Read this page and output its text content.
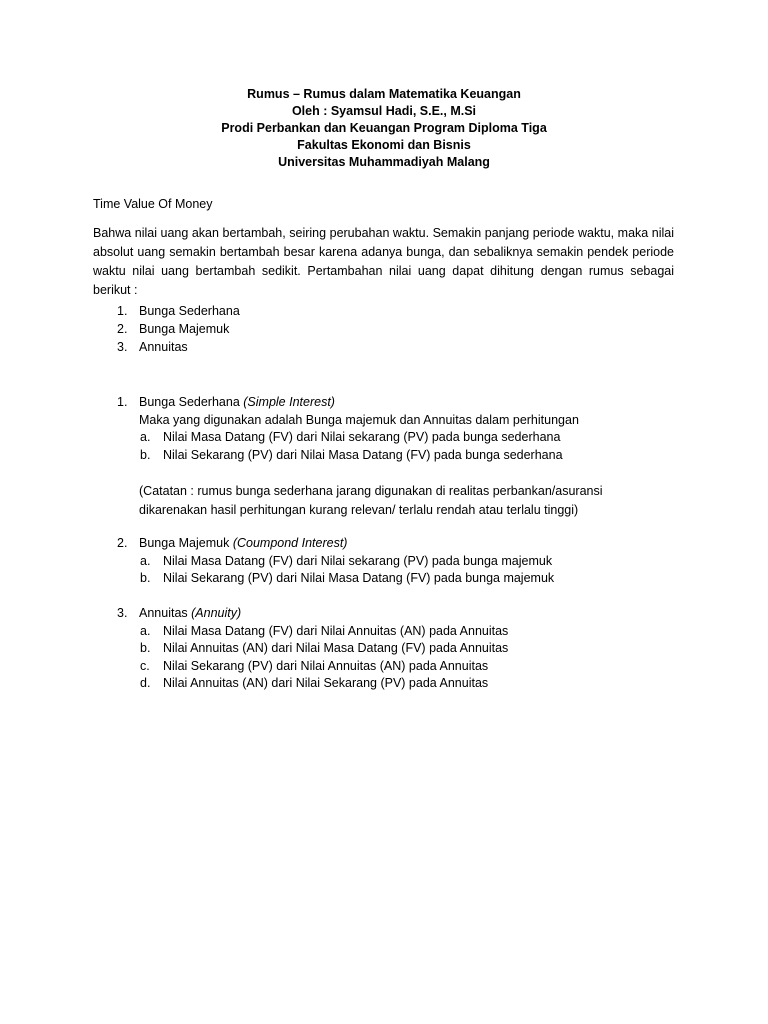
Rumus – Rumus dalam Matematika Keuangan
Oleh : Syamsul Hadi, S.E., M.Si
Prodi Perbankan dan Keuangan Program Diploma Tiga
Fakultas Ekonomi dan Bisnis
Universitas Muhammadiyah Malang
Time Value Of Money
Bahwa nilai uang akan bertambah, seiring perubahan waktu. Semakin panjang periode waktu, maka nilai absolut uang semakin bertambah besar karena adanya bunga, dan sebaliknya semakin pendek periode waktu nilai uang bertambah sedikit. Pertambahan nilai uang dapat dihitung dengan rumus sebagai berikut :
1. Bunga Sederhana
2. Bunga Majemuk
3. Annuitas
1. Bunga Sederhana (Simple Interest)
Maka yang digunakan adalah Bunga majemuk dan Annuitas dalam perhitungan
a. Nilai Masa Datang (FV) dari Nilai sekarang (PV) pada bunga sederhana
b. Nilai Sekarang (PV) dari Nilai Masa Datang (FV) pada bunga sederhana
(Catatan : rumus bunga sederhana jarang digunakan di realitas perbankan/asuransi dikarenakan hasil perhitungan kurang relevan/ terlalu rendah atau terlalu tinggi)
2. Bunga Majemuk (Coumpond Interest)
a. Nilai Masa Datang (FV) dari Nilai sekarang (PV) pada bunga majemuk
b. Nilai Sekarang (PV) dari Nilai Masa Datang (FV) pada bunga majemuk
3. Annuitas (Annuity)
a. Nilai Masa Datang (FV) dari Nilai Annuitas (AN) pada Annuitas
b. Nilai Annuitas (AN) dari Nilai Masa Datang (FV) pada Annuitas
c. Nilai Sekarang (PV) dari Nilai Annuitas (AN) pada Annuitas
d. Nilai Annuitas (AN) dari Nilai Sekarang (PV) pada Annuitas
